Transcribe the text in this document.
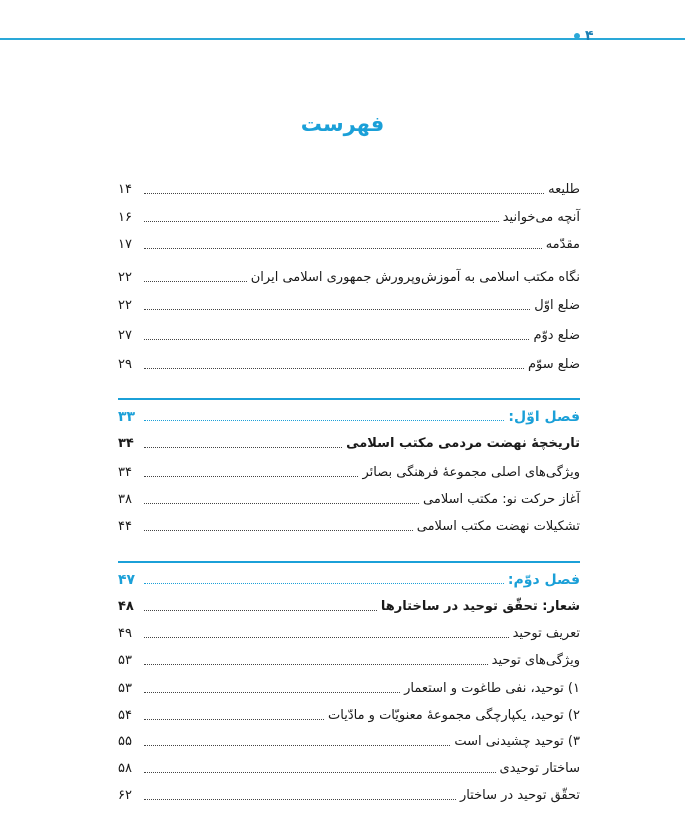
۴
فهرست
طلیعه
۱۴
آنچه می‌خوانید
۱۶
مقدّمه
۱۷
نگاه مکتب اسلامی به آموزش‌وپرورش جمهوری اسلامی ایران
۲۲
ضلع اوّل
۲۲
ضلع دوّم
۲۷
ضلع سوّم
۲۹
فصل اوّل:
۳۳
تاریخچۀ نهضت مردمی مکتب اسلامی
۳۴
ویژگی‌های اصلی مجموعۀ فرهنگی بصائر
۳۴
آغاز حرکت نو: مکتب اسلامی
۳۸
تشکیلات نهضت مکتب اسلامی
۴۴
فصل دوّم:
۴۷
شعار: تحقّق توحید در ساختارها
۴۸
تعریف توحید
۴۹
ویژگی‌های توحید
۵۳
۱) توحید، نفی طاغوت و استعمار
۵۳
۲) توحید، یکپارچگی مجموعۀ معنویّات و مادّیات
۵۴
۳) توحید چشیدنی است
۵۵
ساختار توحیدی
۵۸
تحقّق توحید در ساختار
۶۲
